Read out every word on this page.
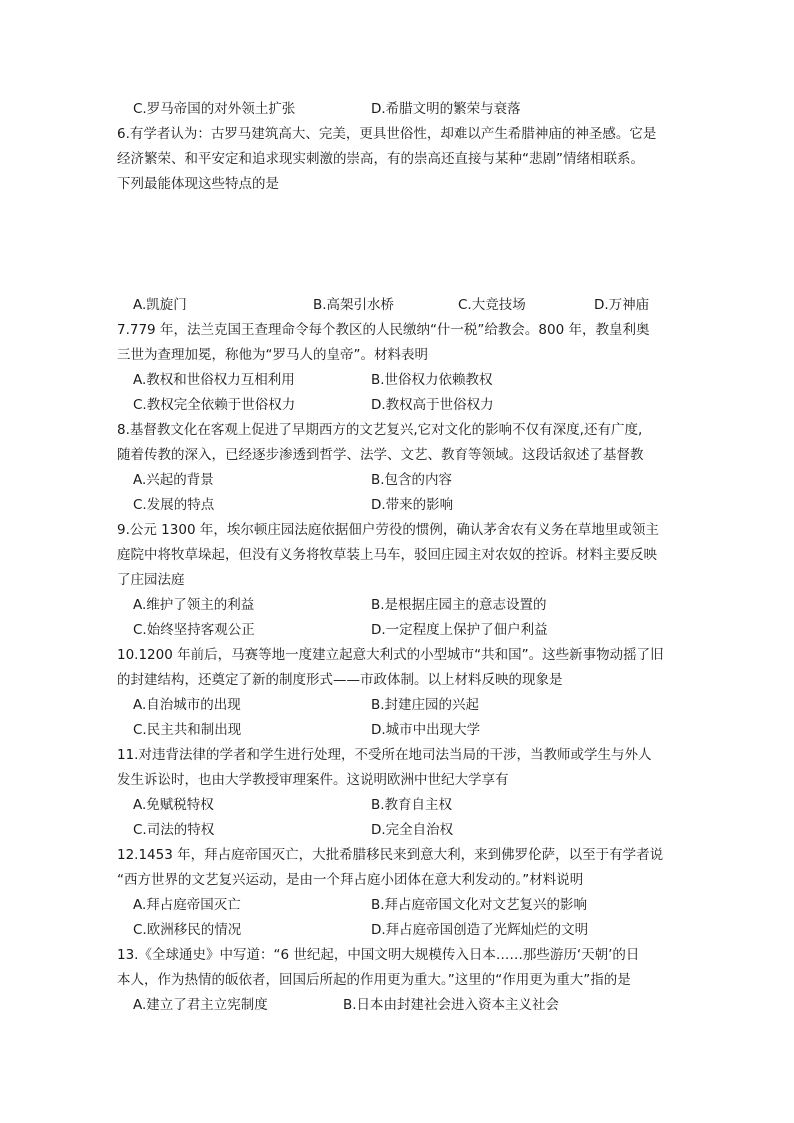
C.罗马帝国的对外领土扩张	D.希腊文明的繁荣与衰落
6.有学者认为：古罗马建筑高大、完美，更具世俗性，却难以产生希腊神庙的神圣感。它是
经济繁荣、和平安定和追求现实刺激的崇高，有的崇高还直接与某种“悲剧”情绪相联系。
下列最能体现这些特点的是
A.凯旋门	B.高架引水桥	C.大竞技场	D.万神庙
7.779 年，法兰克国王查理命令每个教区的人民缴纳“什一税”给教会。800 年，教皇利奥
三世为查理加冕，称他为“罗马人的皇帝”。材料表明
A.教权和世俗权力互相利用	B.世俗权力依赖教权
C.教权完全依赖于世俗权力	D.教权高于世俗权力
8.基督教文化在客观上促进了早期西方的文艺复兴,它对文化的影响不仅有深度,还有广度,
随着传教的深入，已经逐步渗透到哲学、法学、文艺、教育等领域。这段话叙述了基督教
A.兴起的背景	B.包含的内容
C.发展的特点	D.带来的影响
9.公元 1300 年，埃尔顿庄园法庭依据佃户劳役的惯例，确认茅舍农有义务在草地里或领主
庭院中将牧草垛起，但没有义务将牧草装上马车，驳回庄园主对农奴的控诉。材料主要反映
了庄园法庭
A.维护了领主的利益	B.是根据庄园主的意志设置的
C.始终坚持客观公正	D.一定程度上保护了佃户利益
10.1200 年前后，马赛等地一度建立起意大利式的小型城市“共和国”。这些新事物动摇了旧
的封建结构，还奠定了新的制度形式——市政体制。以上材料反映的现象是
A.自治城市的出现	B.封建庄园的兴起
C.民主共和制出现	D.城市中出现大学
11.对违背法律的学者和学生进行处理，不受所在地司法当局的干涉，当教师或学生与外人
发生诉讼时，也由大学教授审理案件。这说明欧洲中世纪大学享有
A.免赋税特权	B.教育自主权
C.司法的特权	D.完全自治权
12.1453 年，拜占庭帝国灭亡，大批希腊移民来到意大利，来到佛罗伦萨，以至于有学者说
“西方世界的文艺复兴运动，是由一个拜占庭小团体在意大利发动的。”材料说明
A.拜占庭帝国灭亡	B.拜占庭帝国文化对文艺复兴的影响
C.欧洲移民的情况	D.拜占庭帝国创造了光辉灿烂的文明
13.《全球通史》中写道：“6 世纪起，中国文明大规模传入日本……那些游历‘天朝’的日
本人，作为热情的皈依者，回国后所起的作用更为重大。”这里的“作用更为重大”指的是
A.建立了君主立宪制度	B.日本由封建社会进入资本主义社会
